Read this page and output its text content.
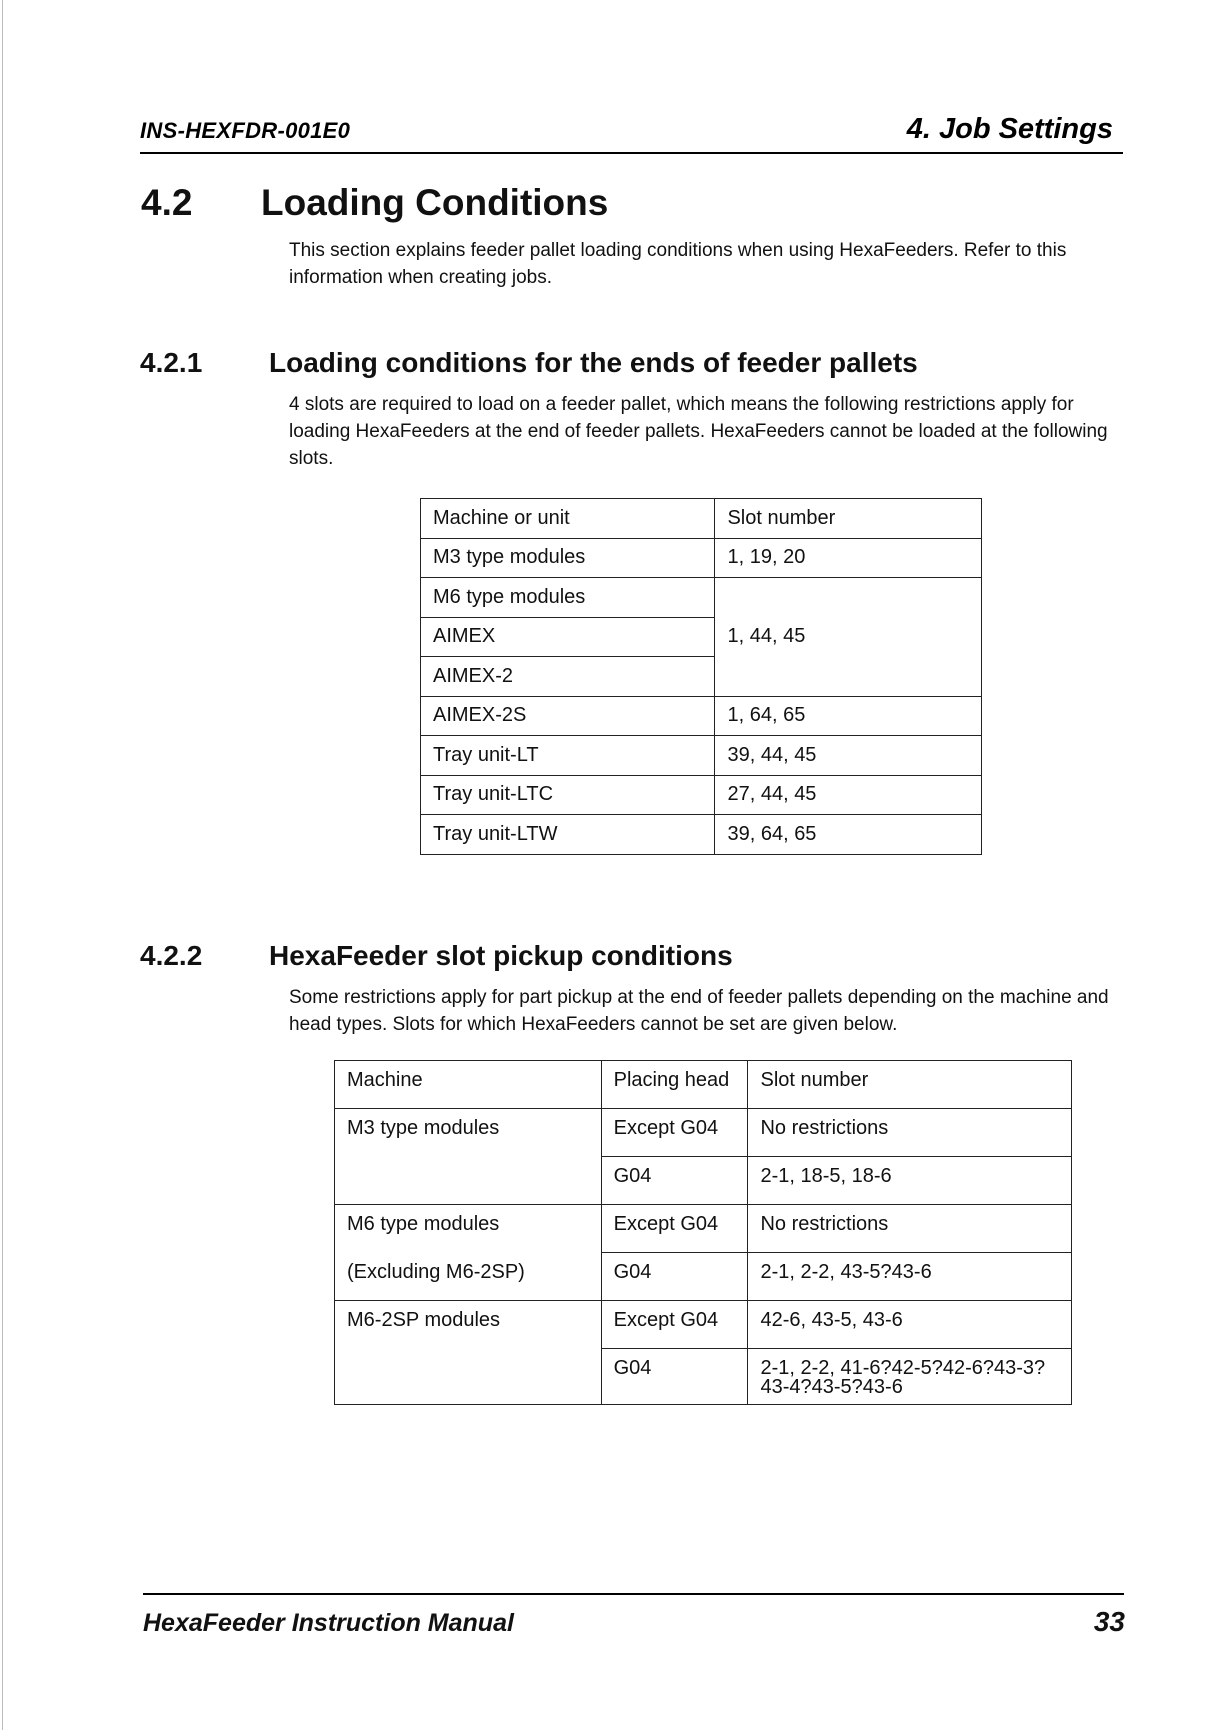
INS-HEXFDR-001E0	4. Job Settings
4.2 Loading Conditions
This section explains feeder pallet loading conditions when using HexaFeeders. Refer to this information when creating jobs.
4.2.1 Loading conditions for the ends of feeder pallets
4 slots are required to load on a feeder pallet, which means the following restrictions apply for loading HexaFeeders at the end of feeder pallets. HexaFeeders cannot be loaded at the following slots.
Machine or unit	Slot number
M3 type modules	1, 19, 20
M6 type modules	1, 44, 45
AIMEX	
AIMEX-2	
AIMEX-2S	1, 64, 65
Tray unit-LT	39, 44, 45
Tray unit-LTC	27, 44, 45
Tray unit-LTW	39, 64, 65
4.2.2 HexaFeeder slot pickup conditions
Some restrictions apply for part pickup at the end of feeder pallets depending on the machine and head types. Slots for which HexaFeeders cannot be set are given below.
Machine	Placing head	Slot number
M3 type modules	Except G04	No restrictions
	G04	2-1, 18-5, 18-6
M6 type modules	Except G04	No restrictions
(Excluding M6-2SP)	G04	2-1, 2-2, 43-5?43-6
M6-2SP modules	Except G04	42-6, 43-5, 43-6
	G04	2-1, 2-2, 41-6?42-5?42-6?43-3?43-4?43-5?43-6
HexaFeeder Instruction Manual	33
